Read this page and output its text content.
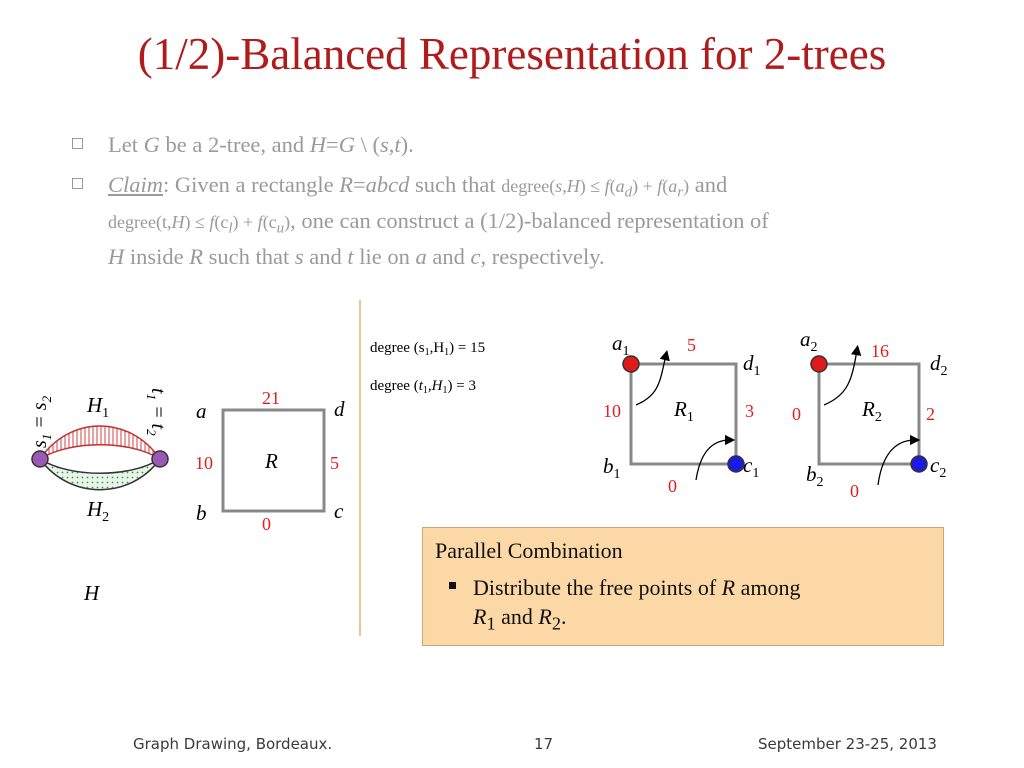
(1/2)-Balanced Representation for 2-trees
Let G be a 2-tree, and H=G \ (s,t).
Claim: Given a rectangle R=abcd such that degree(s,H) ≤ $f(a_d) + f(a_r)$ and
degree(t,H) ≤ $f(c_l) + f(c_u)$, one can construct a (1/2)-balanced representation of
H inside R such that s and t lie on a and c, respectively.
$s_1 = s_2$
$t_1 = t_2$
$H_1$
$H_2$
H
R
a
b	c
d
21
10	5
0
degree $(s_1,H_1) = 15$
degree $(t_1,H_1) = 3$
$R_1$
$a_1$
$b_1$	$c_1$
$d_1$
5
10	3
0
$R_2$
$a_2$
$b_2$
$c_2$
$d_2$
16
0	2
0
Parallel Combination
Distribute the free points of R among
$R_1$ and $R_2$.
Graph Drawing, Bordeaux.	17	September 23-25, 2013
